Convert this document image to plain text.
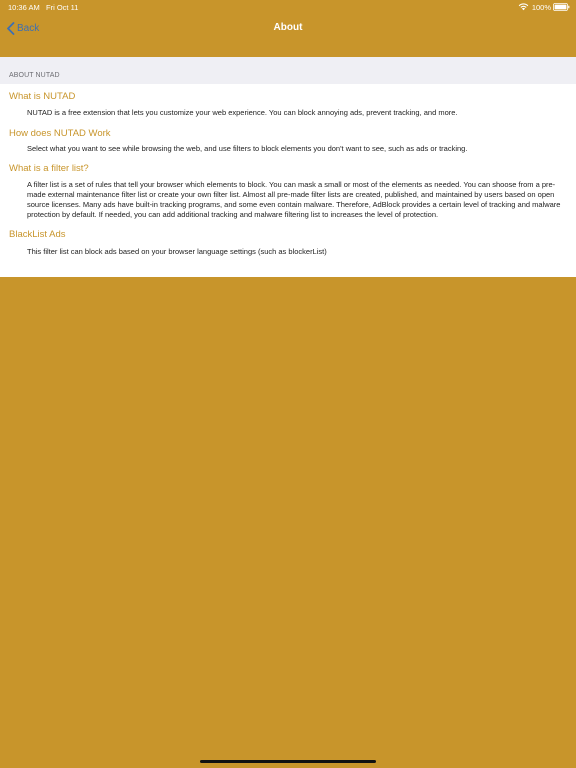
10:36 AM Fri Oct 11	100%
Back	About
ABOUT NUTAD
What is NUTAD
NUTAD is a free extension that lets you customize your web experience. You can block annoying ads, prevent tracking, and more.
How does NUTAD Work
Select what you want to see while browsing the web, and use filters to block elements you don't want to see, such as ads or tracking.
What is a filter list?
A filter list is a set of rules that tell your browser which elements to block. You can mask a small or most of the elements as needed. You can shoose from a pre-made external maintenance filter list or create your own filter list. Almost all pre-made filter lists are created, published, and maintained by users based on open source licenses. Many ads have built-in tracking programs, and some even contain malware. Therefore, AdBlock provides a certain level of tracking and malware protection by default. If needed, you can add additional tracking and malware filtering list to increases the level of protection.
BlackList Ads
This filter list can block ads based on your browser language settings (such as blockerList)
